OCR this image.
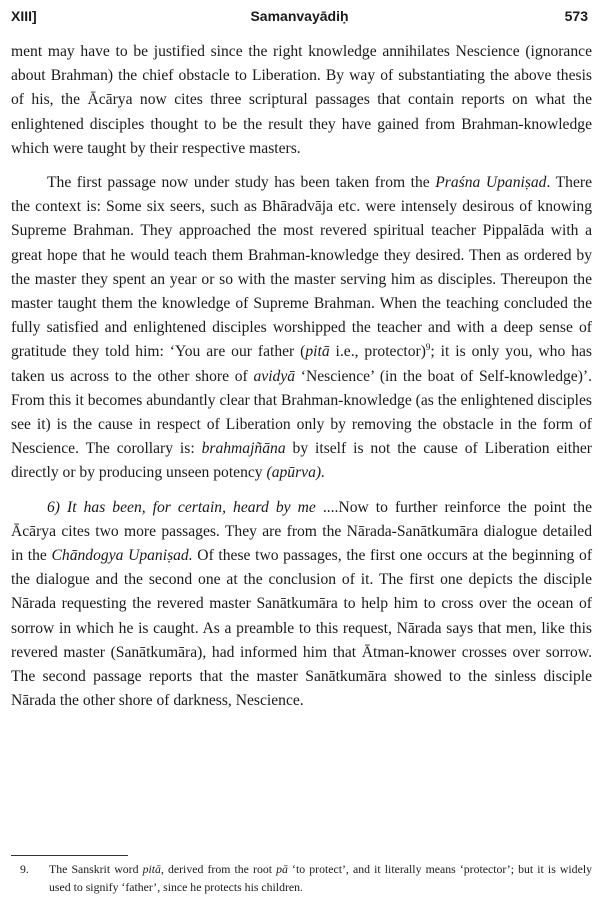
XIII]	Samanvayādiḥ	573

ment may have to be justified since the right knowledge annihilates Nescience (ignorance about Brahman) the chief obstacle to Liberation. By way of substantiating the above thesis of his, the Ācārya now cites three scriptural passages that contain reports on what the enlightened disciples thought to be the result they have gained from Brahman-knowledge which were taught by their respective masters.

The first passage now under study has been taken from the Praśna Upaniṣad. There the context is: Some six seers, such as Bhāradvāja etc. were intensely desirous of knowing Supreme Brahman. They approached the most revered spiritual teacher Pippalāda with a great hope that he would teach them Brahman-knowledge they desired. Then as ordered by the master they spent an year or so with the master serving him as disciples. Thereupon the master taught them the knowledge of Supreme Brahman. When the teaching concluded the fully satisfied and enlightened disciples worshipped the teacher and with a deep sense of gratitude they told him: ‘You are our father (pitā i.e., protector)$^9$; it is only you, who has taken us across to the other shore of avidyā ‘Nescience’ (in the boat of Self-knowledge)’. From this it becomes abundantly clear that Brahman-knowledge (as the enlightened disciples see it) is the cause in respect of Liberation only by removing the obstacle in the form of Nescience. The corollary is: brahmajñāna by itself is not the cause of Liberation either directly or by producing unseen potency (apūrva).

6) It has been, for certain, heard by me ....Now to further reinforce the point the Ācārya cites two more passages. They are from the Nārada-Sanātkumāra dialogue detailed in the Chāndogya Upaniṣad. Of these two passages, the first one occurs at the beginning of the dialogue and the second one at the conclusion of it. The first one depicts the disciple Nārada requesting the revered master Sanātkumāra to help him to cross over the ocean of sorrow in which he is caught. As a preamble to this request, Nārada says that men, like this revered master (Sanātkumāra), had informed him that Ātman-knower crosses over sorrow. The second passage reports that the master Sanātkumāra showed to the sinless disciple Nārada the other shore of darkness, Nescience.

9. The Sanskrit word pitā, derived from the root pā ‘to protect’, and it literally means ‘protector’; but it is widely used to signify ‘father’, since he protects his children.
